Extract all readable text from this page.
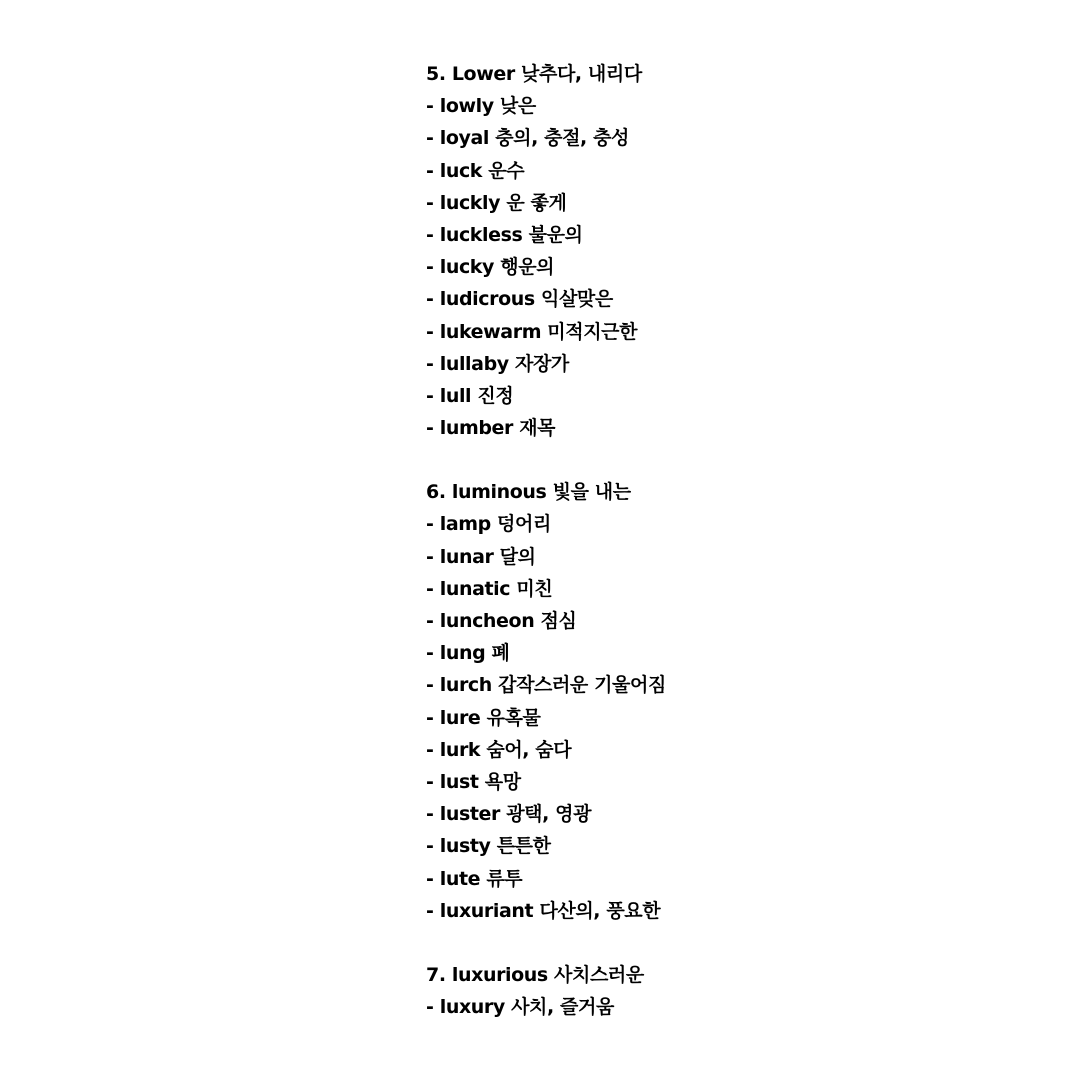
5. Lower 낮추다, 내리다
- lowly 낮은
- loyal 충의, 충절, 충성
- luck 운수
- luckly 운 좋게
- luckless 불운의
- lucky 행운의
- ludicrous 익살맞은
- lukewarm 미적지근한
- lullaby 자장가
- lull 진정
- lumber 재목
6. luminous 빛을 내는
- lamp 덩어리
- lunar 달의
- lunatic 미친
- luncheon 점심
- lung 폐
- lurch 갑작스러운 기울어짐
- lure 유혹물
- lurk 숨어, 숨다
- lust 욕망
- luster 광택, 영광
- lusty 튼튼한
- lute 류투
- luxuriant 다산의, 풍요한
7. luxurious 사치스러운
- luxury 사치, 즐거움
